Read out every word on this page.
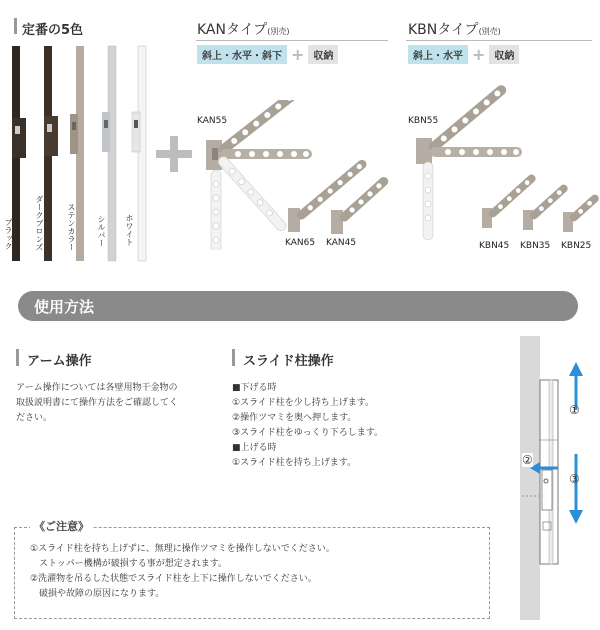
定番の5色
ブラック	ダークブロンズ	ステンカラー	シルバー ホワイト
KANタイプ(別売)
斜上・水平・斜下 + 収納
KAN55
KAN65 KAN45
KBNタイプ(別売)
斜上・水平 + 収納
KBN55
KBN45 KBN35 KBN25
使用方法
アーム操作
アーム操作については各壁用物干金物の
取扱説明書にて操作方法をご確認してく
ださい。
スライド柱操作
■下げる時
①スライド柱を少し持ち上げます。
②操作ツマミを奥へ押します。
③スライド柱をゆっくり下ろします。
■上げる時
①スライド柱を持ち上げます。
《ご注意》
①スライド柱を持ち上げずに、無理に操作ツマミを操作しないでください。
　ストッパー機構が破損する事が想定されます。
②洗濯物を吊るした状態でスライド柱を上下に操作しないでください。
　破損や故障の原因になります。
①
②
③
